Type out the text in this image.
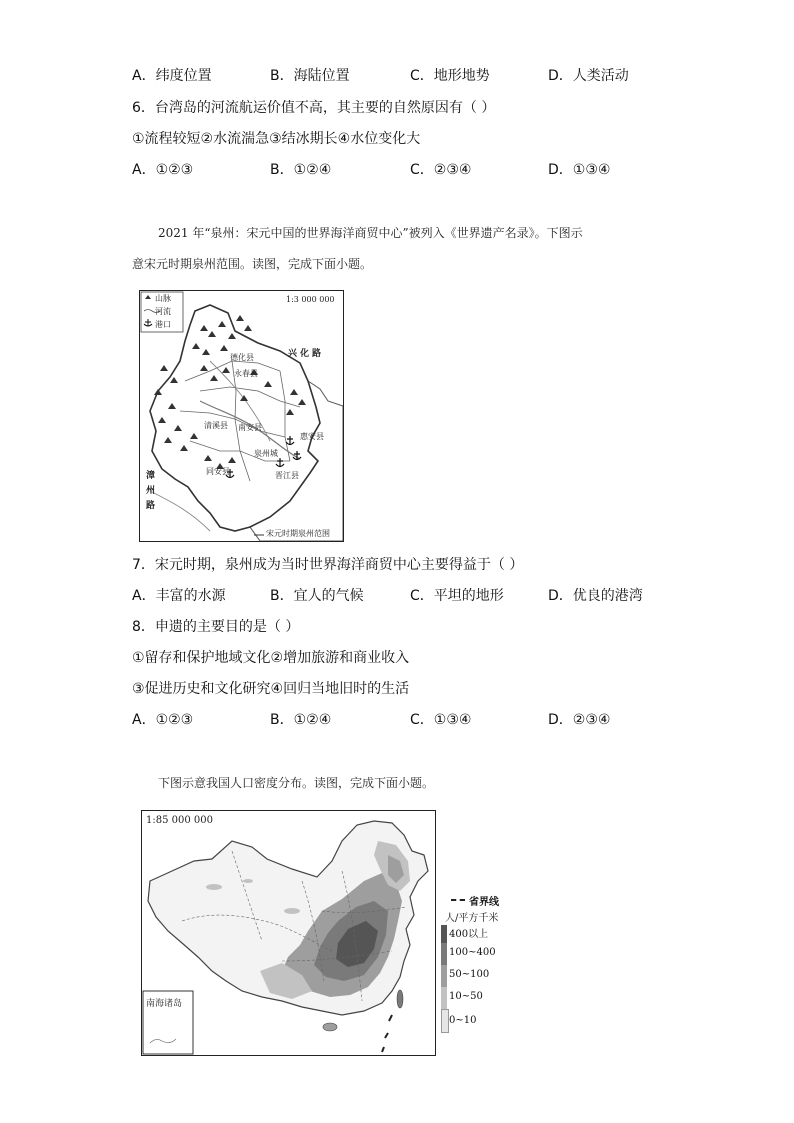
A．纬度位置	B．海陆位置	C．地形地势	D．人类活动
6．台湾岛的河流航运价值不高，其主要的自然原因有（ ）
①流程较短②水流湍急③结冰期长④水位变化大
A．①②③	B．①②④	C．②③④	D．①③④
2021 年“泉州：宋元中国的世界海洋商贸中心”被列入《世界遗产名录》。下图示
意宋元时期泉州范围。读图，完成下面小题。
山脉
河流
港口
1:3 000 000
兴化路
漳州路
德化县
永春县
清溪县 南安县
惠安县
泉州城
同安县	晋江县
宋元时期泉州范围
7．宋元时期，泉州成为当时世界海洋商贸中心主要得益于（ ）
A．丰富的水源	B．宜人的气候	C．平坦的地形	D．优良的港湾
8．申遗的主要目的是（ ）
①留存和保护地域文化②增加旅游和商业收入
③促进历史和文化研究④回归当地旧时的生活
A．①②③	B．①②④	C．①③④	D．②③④
下图示意我国人口密度分布。读图，完成下面小题。
1:85 000 000
南海诸岛
省界线
人/平方千米
400以上
100~400
50~100
10~50
0~10
